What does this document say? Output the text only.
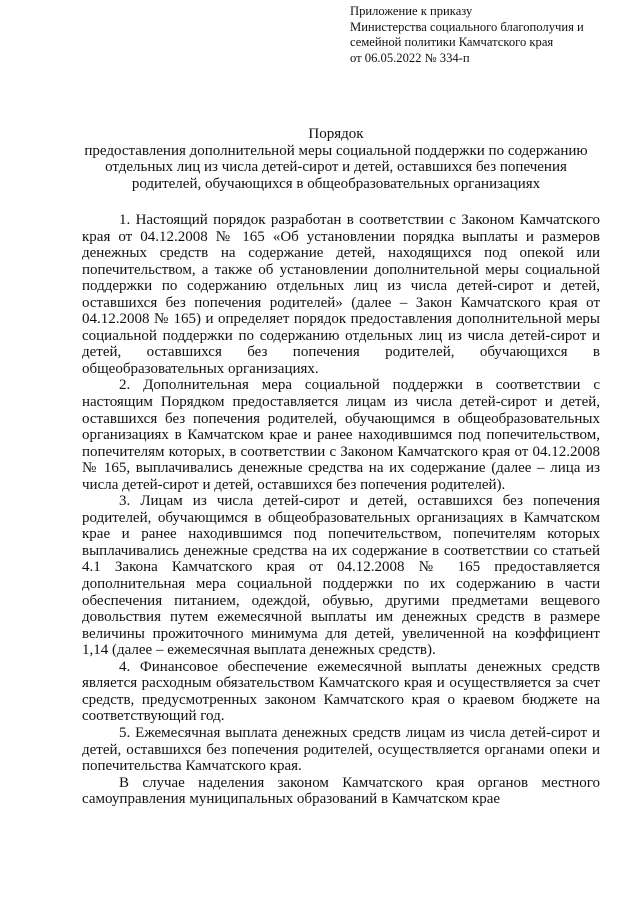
Приложение к приказу
Министерства социального благополучия и
семейной политики Камчатского края
от 06.05.2022 № 334-п
Порядок
предоставления дополнительной меры социальной поддержки по содержанию
отдельных лиц из числа детей-сирот и детей, оставшихся без попечения
родителей, обучающихся в общеобразовательных организациях

1. Настоящий порядок разработан в соответствии с Законом Камчатского края от 04.12.2008 № 165 «Об установлении порядка выплаты и размеров денежных средств на содержание детей, находящихся под опекой или попечительством, а также об установлении дополнительной меры социальной поддержки по содержанию отдельных лиц из числа детей-сирот и детей, оставшихся без попечения родителей» (далее – Закон Камчатского края от 04.12.2008 № 165) и определяет порядок предоставления дополнительной меры социальной поддержки по содержанию отдельных лиц из числа детей-сирот и детей, оставшихся без попечения родителей, обучающихся в общеобразовательных организациях.

2. Дополнительная мера социальной поддержки в соответствии с настоящим Порядком предоставляется лицам из числа детей-сирот и детей, оставшихся без попечения родителей, обучающимся в общеобразовательных организациях в Камчатском крае и ранее находившимся под попечительством, попечителям которых, в соответствии с Законом Камчатского края от 04.12.2008 № 165, выплачивались денежные средства на их содержание (далее – лица из числа детей-сирот и детей, оставшихся без попечения родителей).

3. Лицам из числа детей-сирот и детей, оставшихся без попечения родителей, обучающимся в общеобразовательных организациях в Камчатском крае и ранее находившимся под попечительством, попечителям которых выплачивались денежные средства на их содержание в соответствии со статьей 4.1 Закона Камчатского края от 04.12.2008 № 165 предоставляется дополнительная мера социальной поддержки по их содержанию в части обеспечения питанием, одеждой, обувью, другими предметами вещевого довольствия путем ежемесячной выплаты им денежных средств в размере величины прожиточного минимума для детей, увеличенной на коэффициент 1,14 (далее – ежемесячная выплата денежных средств).

4. Финансовое обеспечение ежемесячной выплаты денежных средств является расходным обязательством Камчатского края и осуществляется за счет средств, предусмотренных законом Камчатского края о краевом бюджете на соответствующий год.

5. Ежемесячная выплата денежных средств лицам из числа детей-сирот и детей, оставшихся без попечения родителей, осуществляется органами опеки и попечительства Камчатского края.

В случае наделения законом Камчатского края органов местного самоуправления муниципальных образований в Камчатском крае
